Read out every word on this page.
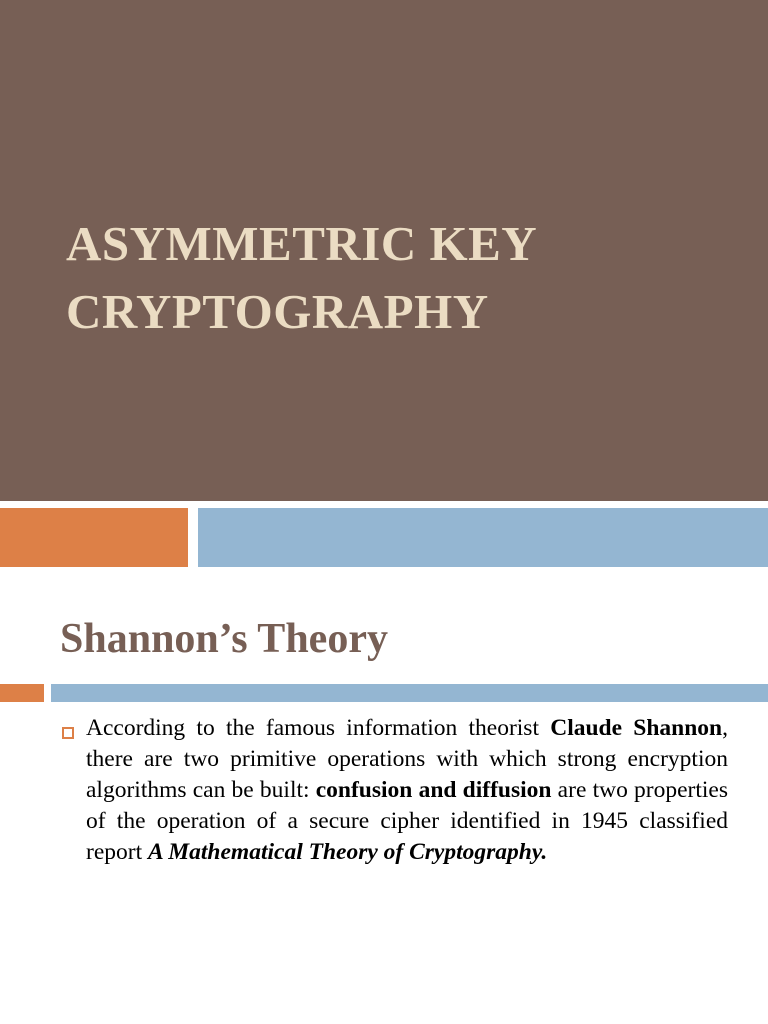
ASYMMETRIC KEY
CRYPTOGRAPHY
Shannon’s Theory

According to the famous information theorist Claude Shannon, there are two primitive operations with which strong encryption algorithms can be built: confusion and diffusion are two properties of the operation of a secure cipher identified in 1945 classified report A Mathematical Theory of Cryptography.
